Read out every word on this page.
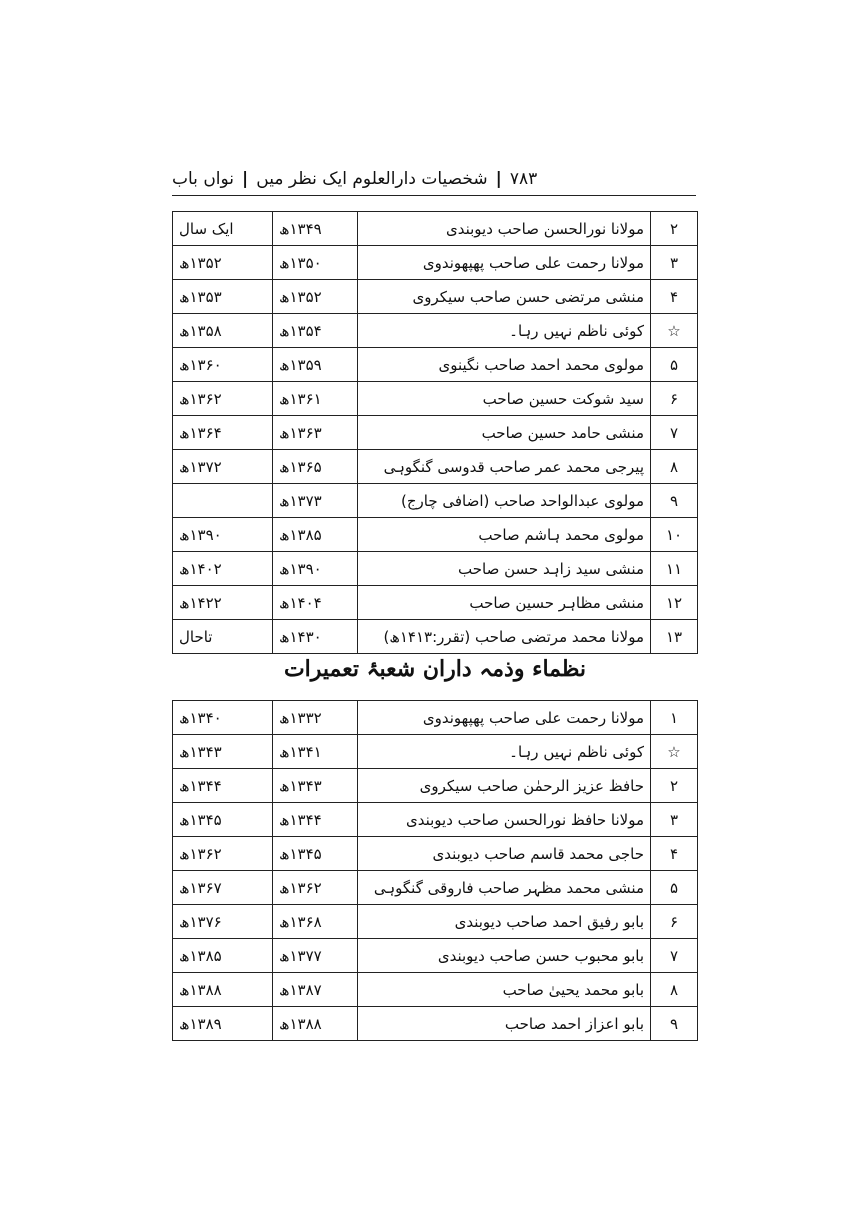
نواں باب | شخصیات دارالعلوم ایک نظر میں | ۷۸۳
۲	مولانا نورالحسن صاحب دیوبندی	۱۳۴۹ھ	ایک سال
۳	مولانا رحمت علی صاحب پھپھوندوی	۱۳۵۰ھ	۱۳۵۲ھ
۴	منشی مرتضی حسن صاحب سیکروی	۱۳۵۲ھ	۱۳۵۳ھ
☆	کوئی ناظم نہیں رہا۔	۱۳۵۴ھ	۱۳۵۸ھ
۵	مولوی محمد احمد صاحب نگینوی	۱۳۵۹ھ	۱۳۶۰ھ
۶	سید شوکت حسین صاحب	۱۳۶۱ھ	۱۳۶۲ھ
۷	منشی حامد حسین صاحب	۱۳۶۳ھ	۱۳۶۴ھ
۸	پیرجی محمد عمر صاحب قدوسی گنگوہی	۱۳۶۵ھ	۱۳۷۲ھ
۹	مولوی عبدالواحد صاحب (اضافی چارج)	۱۳۷۳ھ	
۱۰	مولوی محمد ہاشم صاحب	۱۳۸۵ھ	۱۳۹۰ھ
۱۱	منشی سید زاہد حسن صاحب	۱۳۹۰ھ	۱۴۰۲ھ
۱۲	منشی مظاہر حسین صاحب	۱۴۰۴ھ	۱۴۲۲ھ
۱۳	مولانا محمد مرتضی صاحب (تقرر:۱۴۱۳ھ)	۱۴۳۰ھ	تاحال
نظماء وذمہ داران شعبۂ تعمیرات
۱	مولانا رحمت علی صاحب پھپھوندوی	۱۳۳۲ھ	۱۳۴۰ھ
☆	کوئی ناظم نہیں رہا۔	۱۳۴۱ھ	۱۳۴۳ھ
۲	حافظ عزیز الرحمٰن صاحب سیکروی	۱۳۴۳ھ	۱۳۴۴ھ
۳	مولانا حافظ نورالحسن صاحب دیوبندی	۱۳۴۴ھ	۱۳۴۵ھ
۴	حاجی محمد قاسم صاحب دیوبندی	۱۳۴۵ھ	۱۳۶۲ھ
۵	منشی محمد مظہر صاحب فاروقی گنگوہی	۱۳۶۲ھ	۱۳۶۷ھ
۶	بابو رفیق احمد صاحب دیوبندی	۱۳۶۸ھ	۱۳۷۶ھ
۷	بابو محبوب حسن صاحب دیوبندی	۱۳۷۷ھ	۱۳۸۵ھ
۸	بابو محمد یحییٰ صاحب	۱۳۸۷ھ	۱۳۸۸ھ
۹	بابو اعزاز احمد صاحب	۱۳۸۸ھ	۱۳۸۹ھ
